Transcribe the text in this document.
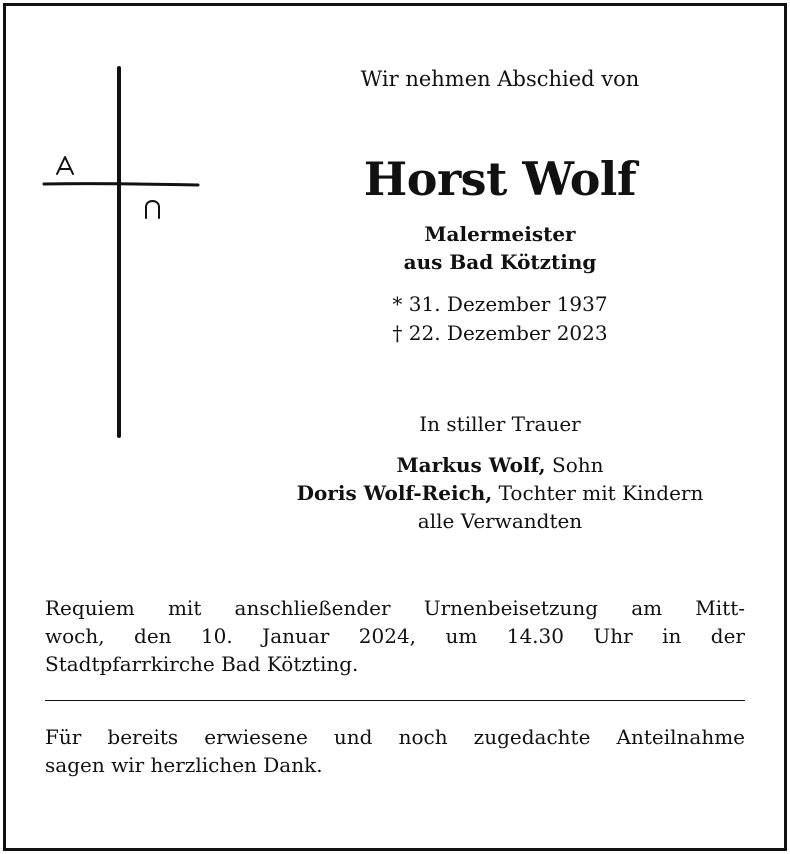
Wir nehmen Abschied von
Horst Wolf
Malermeister
aus Bad Kötzting
* 31. Dezember 1937
† 22. Dezember 2023
In stiller Trauer
Markus Wolf, Sohn
Doris Wolf-Reich, Tochter mit Kindern
alle Verwandten
Requiem mit anschließender Urnenbeisetzung am Mitt-
woch, den 10. Januar 2024, um 14.30 Uhr in der
Stadtpfarrkirche Bad Kötzting.
Für bereits erwiesene und noch zugedachte Anteilnahme
sagen wir herzlichen Dank.
